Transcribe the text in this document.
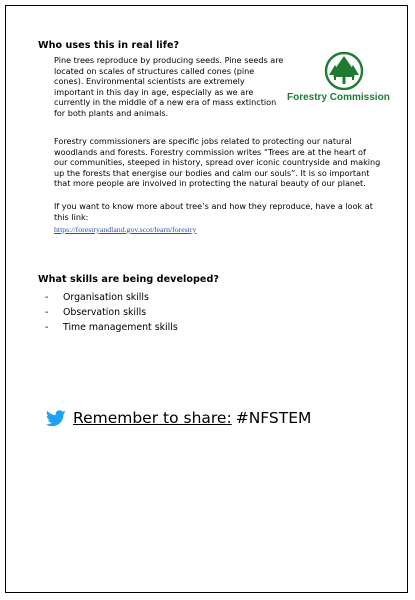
Who uses this in real life?
Pine trees reproduce by producing seeds. Pine seeds are
located on scales of structures called cones (pine
cones). Environmental scientists are extremely
important in this day in age, especially as we are
currently in the middle of a new era of mass extinction
for both plants and animals.
Forestry Commission
Forestry commissioners are specific jobs related to protecting our natural
woodlands and forests. Forestry commission writes “Trees are at the heart of
our communities, steeped in history, spread over iconic countryside and making
up the forests that energise our bodies and calm our souls”. It is so important
that more people are involved in protecting the natural beauty of our planet.
If you want to know more about tree’s and how they reproduce, have a look at
this link:
https://forestryandland.gov.scot/learn/forestry
What skills are being developed?
- Organisation skills
- Observation skills
- Time management skills
Remember to share: #NFSTEM
